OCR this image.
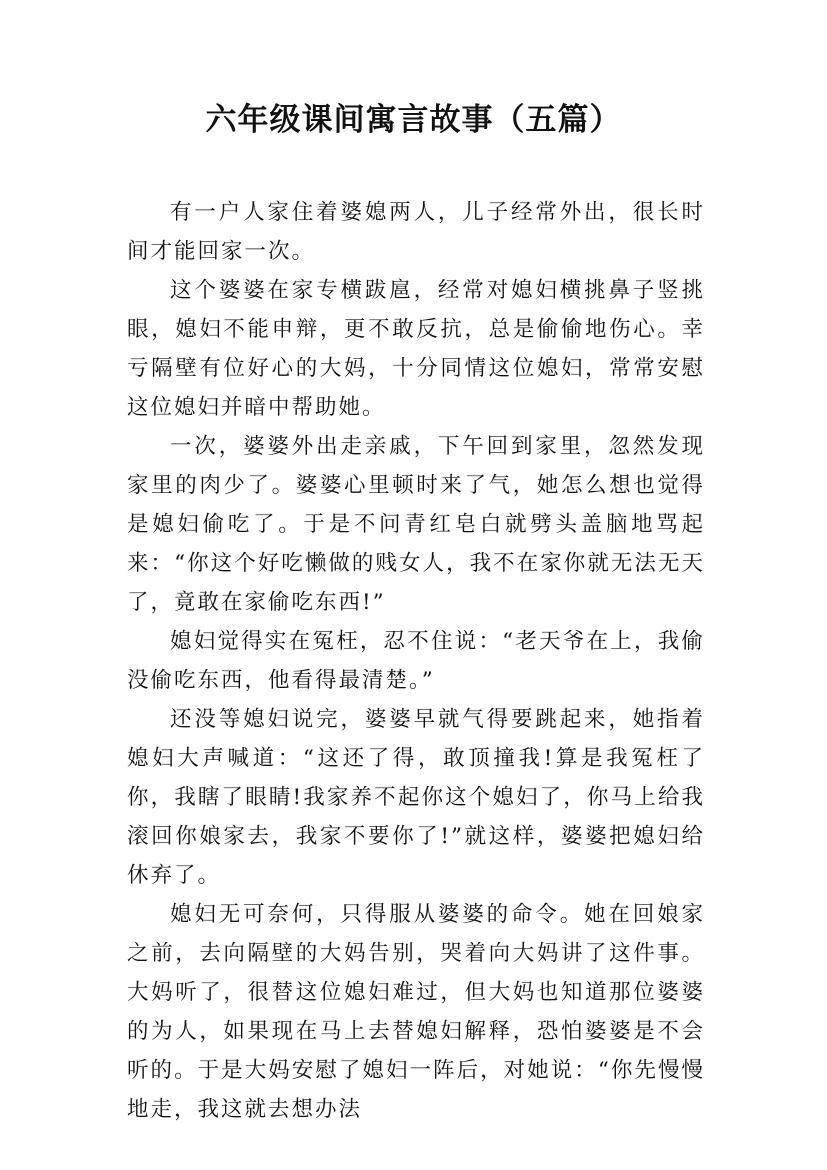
六年级课间寓言故事（五篇）

有一户人家住着婆媳两人，儿子经常外出，很长时间才能回家一次。

这个婆婆在家专横跋扈，经常对媳妇横挑鼻子竖挑眼，媳妇不能申辩，更不敢反抗，总是偷偷地伤心。幸亏隔壁有位好心的大妈，十分同情这位媳妇，常常安慰这位媳妇并暗中帮助她。

一次，婆婆外出走亲戚，下午回到家里，忽然发现家里的肉少了。婆婆心里顿时来了气，她怎么想也觉得是媳妇偷吃了。于是不问青红皂白就劈头盖脑地骂起来：“你这个好吃懒做的贱女人，我不在家你就无法无天了，竟敢在家偷吃东西!”

媳妇觉得实在冤枉，忍不住说：“老天爷在上，我偷没偷吃东西，他看得最清楚。”

还没等媳妇说完，婆婆早就气得要跳起来，她指着媳妇大声喊道：“这还了得，敢顶撞我!算是我冤枉了你，我瞎了眼睛!我家养不起你这个媳妇了，你马上给我滚回你娘家去，我家不要你了!”就这样，婆婆把媳妇给休弃了。

媳妇无可奈何，只得服从婆婆的命令。她在回娘家之前，去向隔壁的大妈告别，哭着向大妈讲了这件事。大妈听了，很替这位媳妇难过，但大妈也知道那位婆婆的为人，如果现在马上去替媳妇解释，恐怕婆婆是不会听的。于是大妈安慰了媳妇一阵后，对她说：“你先慢慢地走，我这就去想办法
